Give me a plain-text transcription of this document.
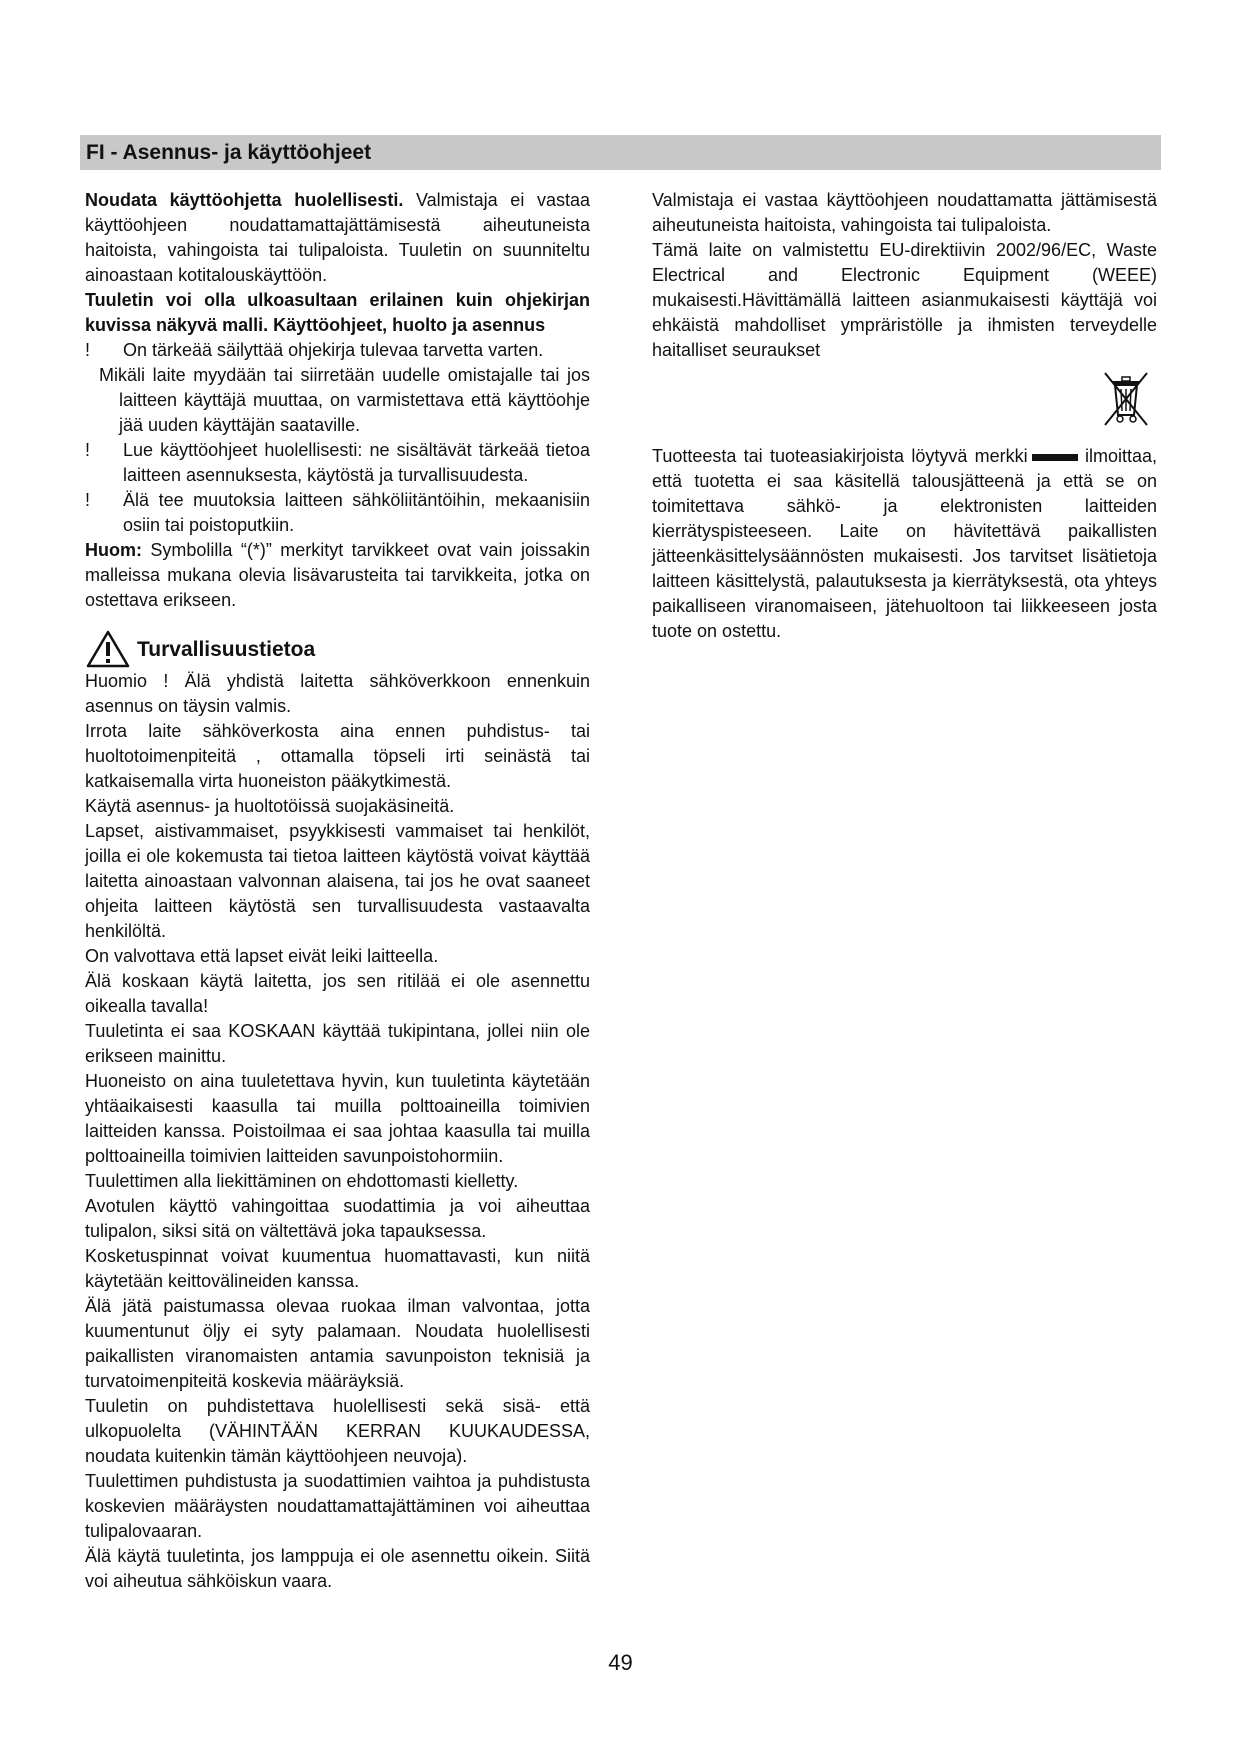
FI - Asennus- ja käyttöohjeet

Noudata käyttöohjetta huolellisesti. Valmistaja ei vastaa käyttöohjeen noudattamattajättämisestä aiheutuneista haitoista, vahingoista tai tulipaloista. Tuuletin on suunniteltu ainoastaan kotitalouskäyttöön.

Tuuletin voi olla ulkoasultaan erilainen kuin ohjekirjan kuvissa näkyvä malli. Käyttöohjeet, huolto ja asennus

!	On tärkeää säilyttää ohjekirja tulevaa tarvetta varten.

Mikäli laite myydään tai siirretään uudelle omistajalle tai jos laitteen käyttäjä muuttaa, on varmistettava että käyttöohje jää uuden käyttäjän saataville.

!	Lue käyttöohjeet huolellisesti: ne sisältävät tärkeää tietoa laitteen asennuksesta, käytöstä ja turvallisuudesta.
!	Älä tee muutoksia laitteen sähköliitäntöihin, mekaanisiin osiin tai poistoputkiin.

Huom: Symbolilla “(*)” merkityt tarvikkeet ovat vain joissakin malleissa mukana olevia lisävarusteita tai tarvikkeita, jotka on ostettava erikseen.

Turvallisuustietoa

Huomio ! Älä yhdistä laitetta sähköverkkoon ennenkuin asennus on täysin valmis.

Irrota laite sähköverkosta aina ennen puhdistus- tai huoltotoimenpiteitä , ottamalla töpseli irti seinästä tai katkaisemalla virta huoneiston pääkytkimestä.

Käytä asennus- ja huoltotöissä suojakäsineitä.

Lapset, aistivammaiset, psyykkisesti vammaiset tai henkilöt, joilla ei ole kokemusta tai tietoa laitteen käytöstä voivat käyttää laitetta ainoastaan valvonnan alaisena, tai jos he ovat saaneet ohjeita laitteen käytöstä sen turvallisuudesta vastaavalta henkilöltä.

On valvottava että lapset eivät leiki laitteella.

Älä koskaan käytä laitetta, jos sen ritilää ei ole asennettu oikealla tavalla!

Tuuletinta ei saa KOSKAAN käyttää tukipintana, jollei niin ole erikseen mainittu.

Huoneisto on aina tuuletettava hyvin, kun tuuletinta käytetään yhtäaikaisesti kaasulla tai muilla polttoaineilla toimivien laitteiden kanssa. Poistoilmaa ei saa johtaa kaasulla tai muilla polttoaineilla toimivien laitteiden savunpoistohormiin.

Tuulettimen alla liekittäminen on ehdottomasti kielletty.

Avotulen käyttö vahingoittaa suodattimia ja voi aiheuttaa tulipalon, siksi sitä on vältettävä joka tapauksessa.

Kosketuspinnat voivat kuumentua huomattavasti, kun niitä käytetään keittovälineiden kanssa.

Älä jätä paistumassa olevaa ruokaa ilman valvontaa, jotta kuumentunut öljy ei syty palamaan. Noudata huolellisesti paikallisten viranomaisten antamia savunpoiston teknisiä ja turvatoimenpiteitä koskevia määräyksiä.

Tuuletin on puhdistettava huolellisesti sekä sisä- että ulkopuolelta (VÄHINTÄÄN KERRAN KUUKAUDESSA, noudata kuitenkin tämän käyttöohjeen neuvoja).

Tuulettimen puhdistusta ja suodattimien vaihtoa ja puhdistusta koskevien määräysten noudattamattajättäminen voi aiheuttaa tulipalovaaran.

Älä käytä tuuletinta, jos lamppuja ei ole asennettu oikein. Siitä voi aiheutua sähköiskun vaara.

Valmistaja ei vastaa käyttöohjeen noudattamatta jättämisestä aiheutuneista haitoista, vahingoista tai tulipaloista.

Tämä laite on valmistettu EU-direktiivin 2002/96/EC, Waste Electrical and Electronic Equipment (WEEE) mukaisesti.Hävittämällä laitteen asianmukaisesti käyttäjä voi ehkäistä mahdolliset ympräristölle ja ihmisten terveydelle haitalliset seuraukset

Tuotteesta tai tuoteasiakirjoista löytyvä merkki	ilmoittaa, että tuotetta ei saa käsitellä talousjätteenä ja että se on toimitettava sähkö- ja elektronisten laitteiden kierrätyspisteeseen. Laite on hävitettävä paikallisten jätteenkäsittelysäännösten mukaisesti. Jos tarvitset lisätietoja laitteen käsittelystä, palautuksesta ja kierrätyksestä, ota yhteys paikalliseen viranomaiseen, jätehuoltoon tai liikkeeseen josta tuote on ostettu.

49
